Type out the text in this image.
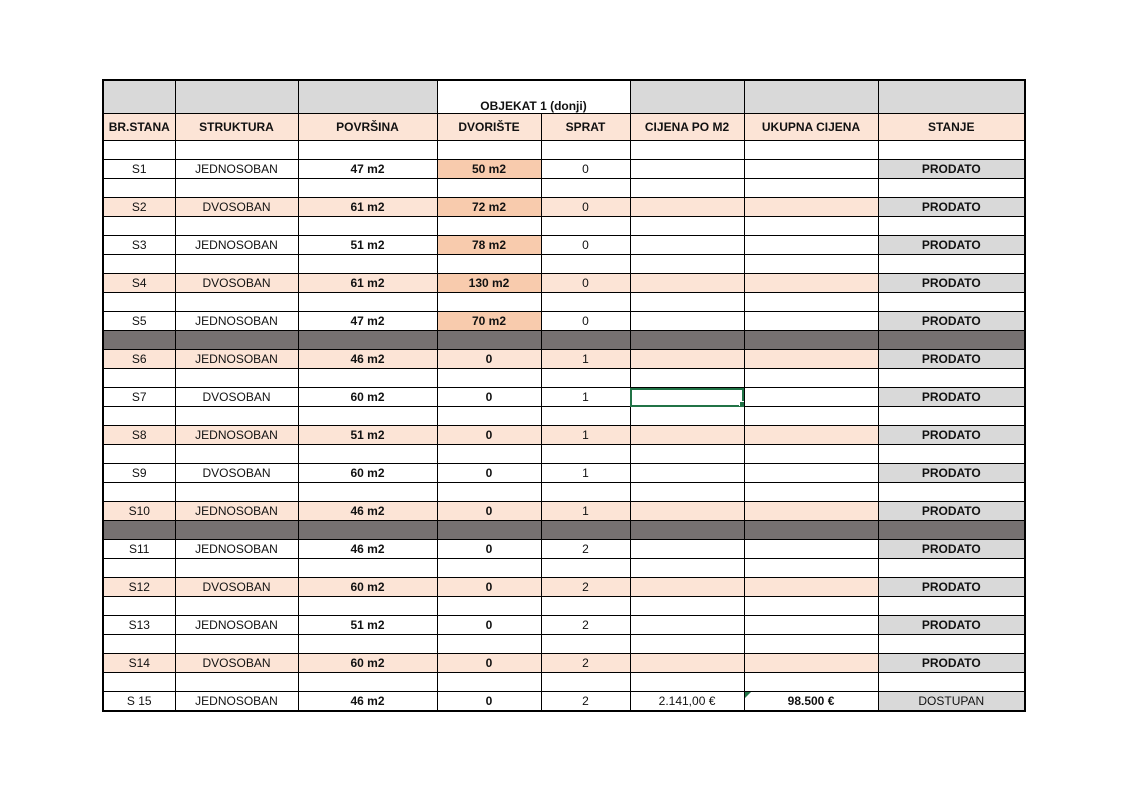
			OBJEKAT 1 (donji)				
BR.STANA	STRUKTURA	POVRŠINA	DVORIŠTE	SPRAT	CIJENA PO M2	UKUPNA CIJENA	STANJE

S1	JEDNOSOBAN	47 m2	50 m2	0			PRODATO

S2	DVOSOBAN	61 m2	72 m2	0			PRODATO

S3	JEDNOSOBAN	51 m2	78 m2	0			PRODATO

S4	DVOSOBAN	61 m2	130 m2	0			PRODATO

S5	JEDNOSOBAN	47 m2	70 m2	0			PRODATO

S6	JEDNOSOBAN	46 m2	0	1			PRODATO

S7	DVOSOBAN	60 m2	0	1			PRODATO

S8	JEDNOSOBAN	51 m2	0	1			PRODATO

S9	DVOSOBAN	60 m2	0	1			PRODATO

S10	JEDNOSOBAN	46 m2	0	1			PRODATO

S11	JEDNOSOBAN	46 m2	0	2			PRODATO

S12	DVOSOBAN	60 m2	0	2			PRODATO

S13	JEDNOSOBAN	51 m2	0	2			PRODATO

S14	DVOSOBAN	60 m2	0	2			PRODATO

S 15	JEDNOSOBAN	46 m2	0	2	2.141,00 €	98.500 €	DOSTUPAN
